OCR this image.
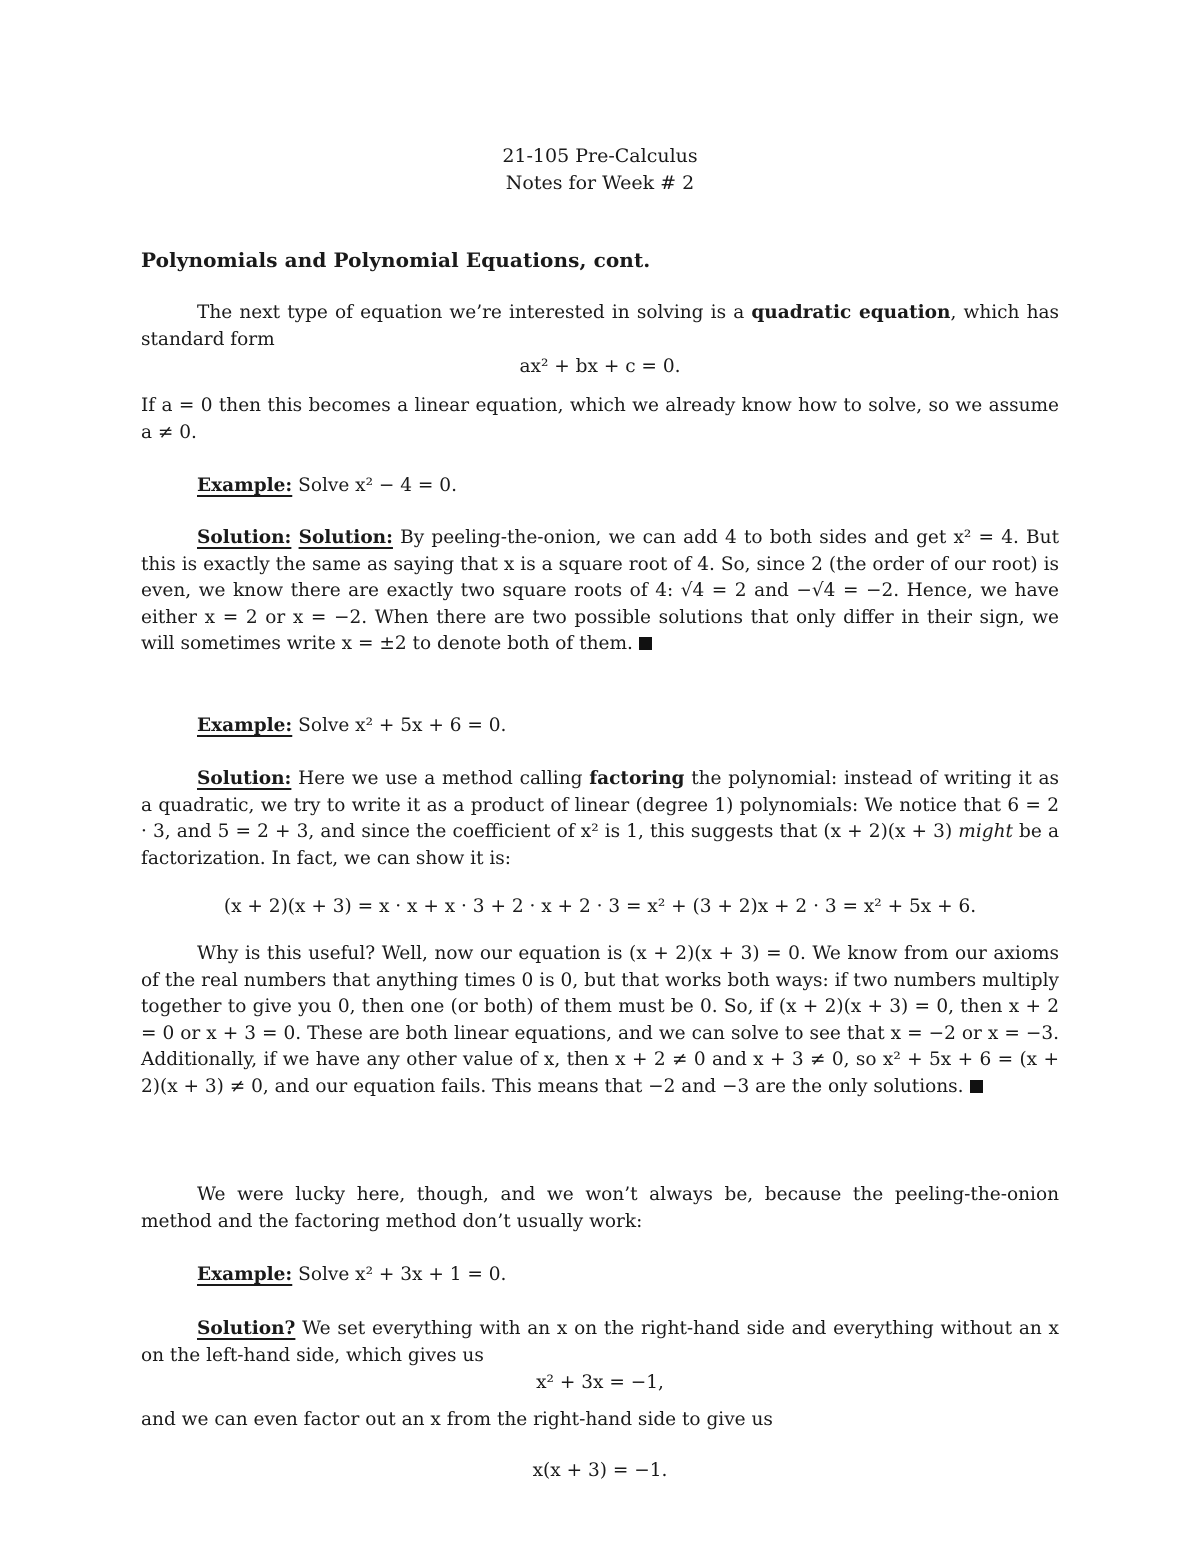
21-105 Pre-Calculus
Notes for Week # 2
Polynomials and Polynomial Equations, cont.
The next type of equation we’re interested in solving is a quadratic equation, which has standard form
ax² + bx + c = 0.
If a = 0 then this becomes a linear equation, which we already know how to solve, so we assume a ≠ 0.
Example: Solve x² − 4 = 0.
Solution: Solution: By peeling-the-onion, we can add 4 to both sides and get x² = 4. But this is exactly the same as saying that x is a square root of 4. So, since 2 (the order of our root) is even, we know there are exactly two square roots of 4: √4 = 2 and −√4 = −2. Hence, we have either x = 2 or x = −2. When there are two possible solutions that only differ in their sign, we will sometimes write x = ±2 to denote both of them.
Example: Solve x² + 5x + 6 = 0.
Solution: Here we use a method calling factoring the polynomial: instead of writing it as a quadratic, we try to write it as a product of linear (degree 1) polynomials: We notice that 6 = 2 · 3, and 5 = 2 + 3, and since the coefficient of x² is 1, this suggests that (x + 2)(x + 3) might be a factorization. In fact, we can show it is:
(x + 2)(x + 3) = x · x + x · 3 + 2 · x + 2 · 3 = x² + (3 + 2)x + 2 · 3 = x² + 5x + 6.
Why is this useful? Well, now our equation is (x + 2)(x + 3) = 0. We know from our axioms of the real numbers that anything times 0 is 0, but that works both ways: if two numbers multiply together to give you 0, then one (or both) of them must be 0. So, if (x + 2)(x + 3) = 0, then x + 2 = 0 or x + 3 = 0. These are both linear equations, and we can solve to see that x = −2 or x = −3. Additionally, if we have any other value of x, then x + 2 ≠ 0 and x + 3 ≠ 0, so x² + 5x + 6 = (x + 2)(x + 3) ≠ 0, and our equation fails. This means that −2 and −3 are the only solutions.
We were lucky here, though, and we won’t always be, because the peeling-the-onion method and the factoring method don’t usually work:
Example: Solve x² + 3x + 1 = 0.
Solution? We set everything with an x on the right-hand side and everything without an x on the left-hand side, which gives us
x² + 3x = −1,
and we can even factor out an x from the right-hand side to give us
x(x + 3) = −1.
